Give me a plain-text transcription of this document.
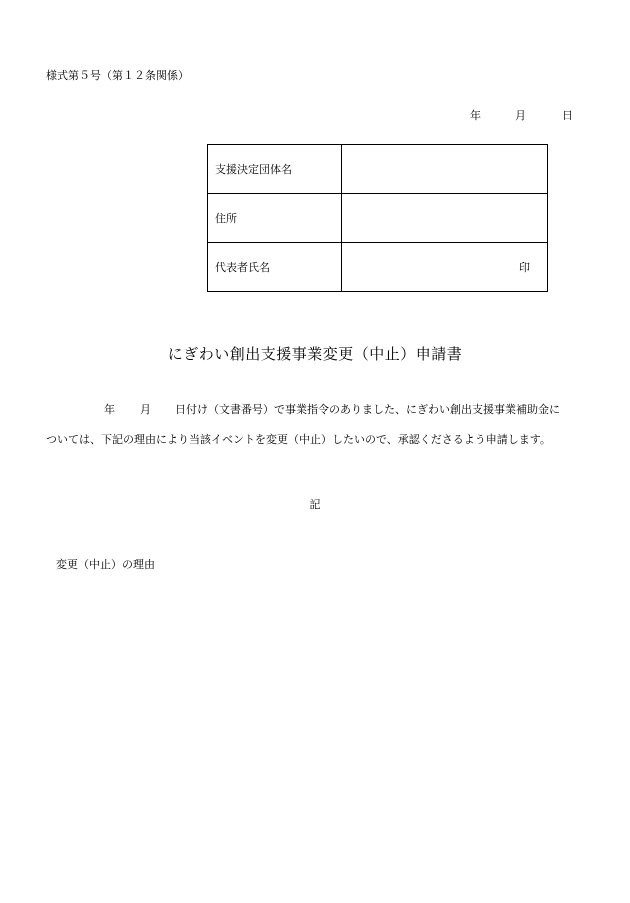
様式第５号（第１２条関係）
年	月	日
支援決定団体名	
住所	
代表者氏名	印
にぎわい創出支援事業変更（中止）申請書
年 月 日付け（文書番号）で事業指令のありました、にぎわい創出支援事業補助金に
ついては、下記の理由により当該イベントを変更（中止）したいので、承認くださるよう申請します。
記
変更（中止）の理由
